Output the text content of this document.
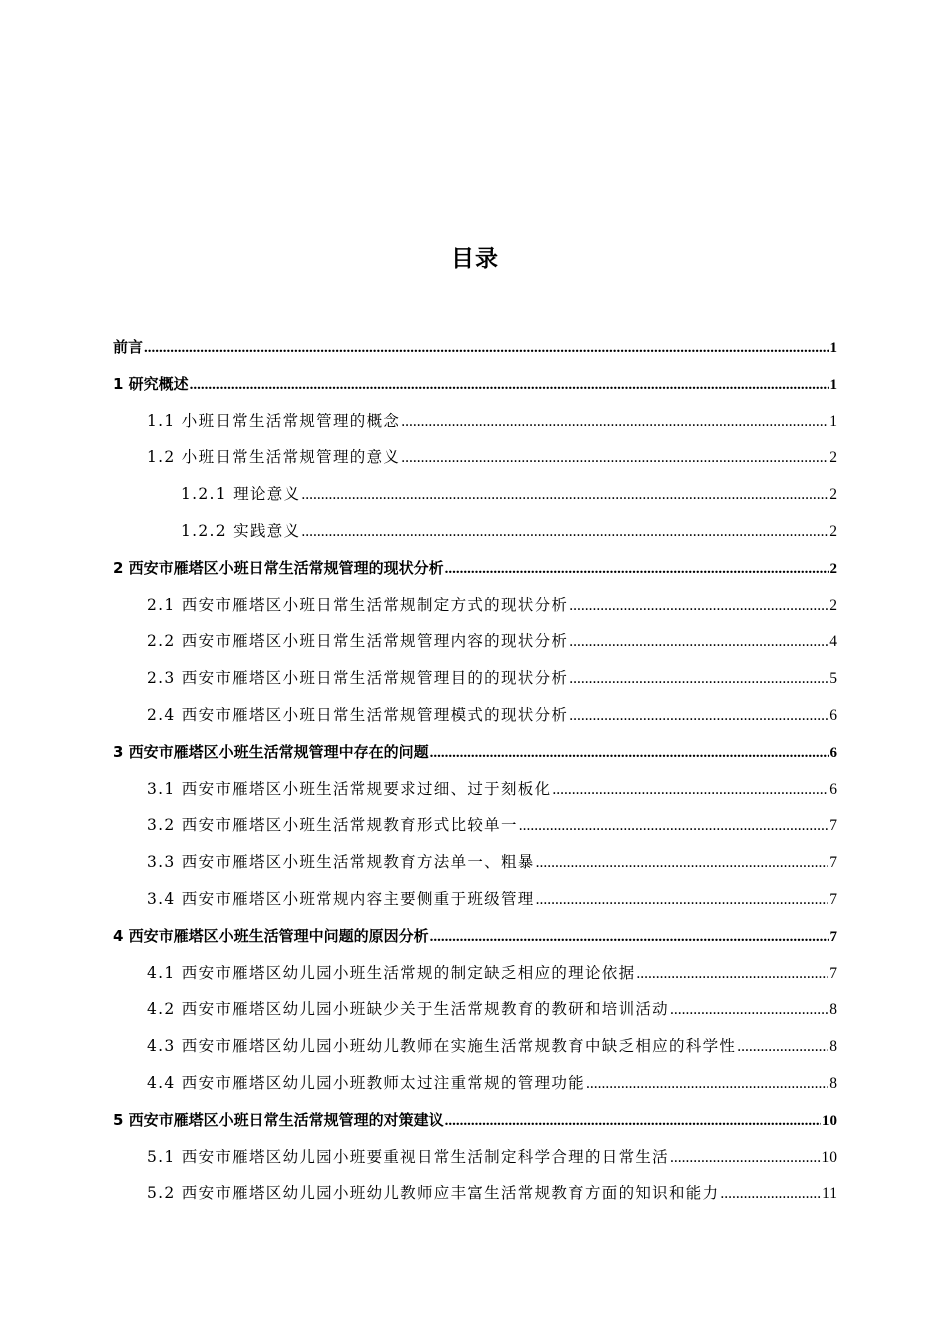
目录
前言 .....	1
1 研究概述 .....	1
1.1 小班日常生活常规管理的概念 .....	1
1.2 小班日常生活常规管理的意义 .....	2
1.2.1 理论意义 .....	2
1.2.2 实践意义 .....	2
2 西安市雁塔区小班日常生活常规管理的现状分析 .....	2
2.1 西安市雁塔区小班日常生活常规制定方式的现状分析 .....	2
2.2 西安市雁塔区小班日常生活常规管理内容的现状分析 .....	4
2.3 西安市雁塔区小班日常生活常规管理目的的现状分析 .....	5
2.4 西安市雁塔区小班日常生活常规管理模式的现状分析 .....	6
3 西安市雁塔区小班生活常规管理中存在的问题 .....	6
3.1 西安市雁塔区小班生活常规要求过细、过于刻板化 .....	6
3.2 西安市雁塔区小班生活常规教育形式比较单一 .....	7
3.3 西安市雁塔区小班生活常规教育方法单一、粗暴 .....	7
3.4 西安市雁塔区小班常规内容主要侧重于班级管理 .....	7
4 西安市雁塔区小班生活管理中问题的原因分析 .....	7
4.1 西安市雁塔区幼儿园小班生活常规的制定缺乏相应的理论依据 .....	7
4.2 西安市雁塔区幼儿园小班缺少关于生活常规教育的教研和培训活动 .....	8
4.3 西安市雁塔区幼儿园小班幼儿教师在实施生活常规教育中缺乏相应的科学性 .....	8
4.4 西安市雁塔区幼儿园小班教师太过注重常规的管理功能 .....	8
5 西安市雁塔区小班日常生活常规管理的对策建议 .....	10
5.1 西安市雁塔区幼儿园小班要重视日常生活制定科学合理的日常生活 .....	10
5.2 西安市雁塔区幼儿园小班幼儿教师应丰富生活常规教育方面的知识和能力 .....	11
